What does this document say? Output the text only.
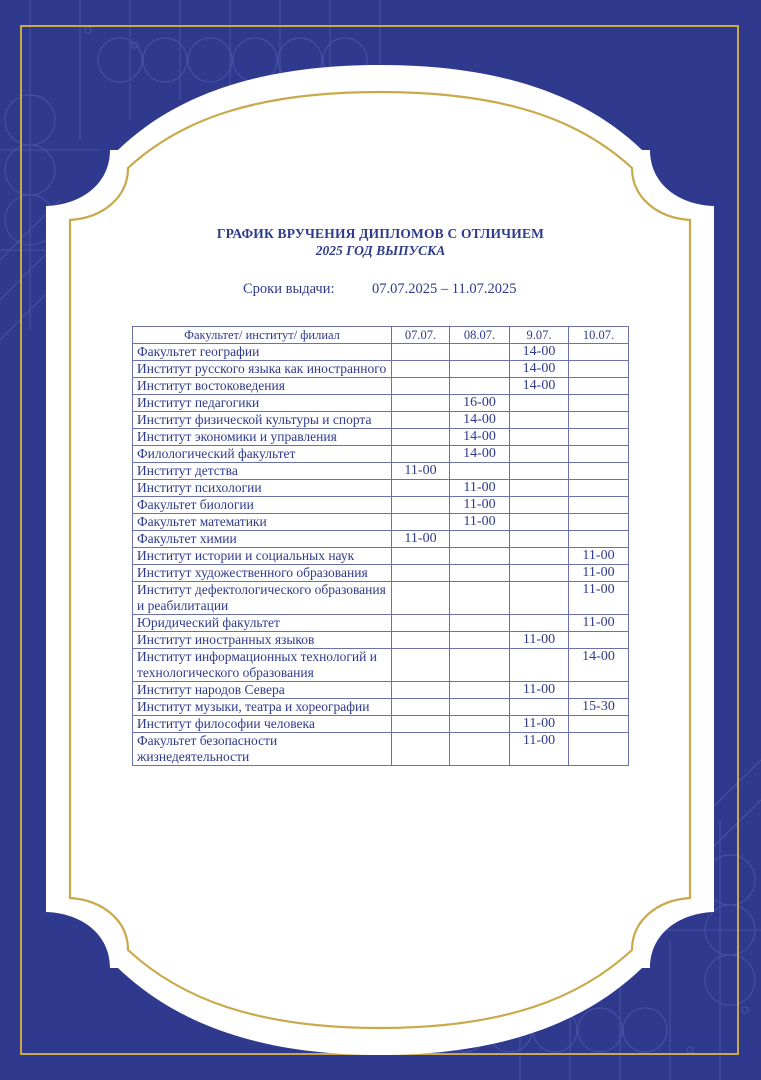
ГРАФИК ВРУЧЕНИЯ ДИПЛОМОВ С ОТЛИЧИЕМ
2025 ГОД ВЫПУСКА
Сроки выдачи:	07.07.2025 – 11.07.2025
Факультет/ институт/ филиал	07.07.	08.07.	9.07.	10.07.
Факультет географии			14-00	
Институт русского языка как иностранного			14-00	
Институт востоковедения			14-00	
Институт педагогики		16-00		
Институт физической культуры и спорта		14-00		
Институт экономики и управления		14-00		
Филологический факультет		14-00		
Институт детства	11-00			
Институт психологии		11-00		
Факультет биологии		11-00		
Факультет математики		11-00		
Факультет химии	11-00			
Институт истории и социальных наук				11-00
Институт художественного образования				11-00
Институт дефектологического образования и реабилитации				11-00
Юридический факультет				11-00
Институт иностранных языков			11-00	
Институт информационных технологий и технологического образования				14-00
Институт народов Севера			11-00	
Институт музыки, театра и хореографии				15-30
Институт философии человека			11-00	
Факультет безопасности жизнедеятельности			11-00	
